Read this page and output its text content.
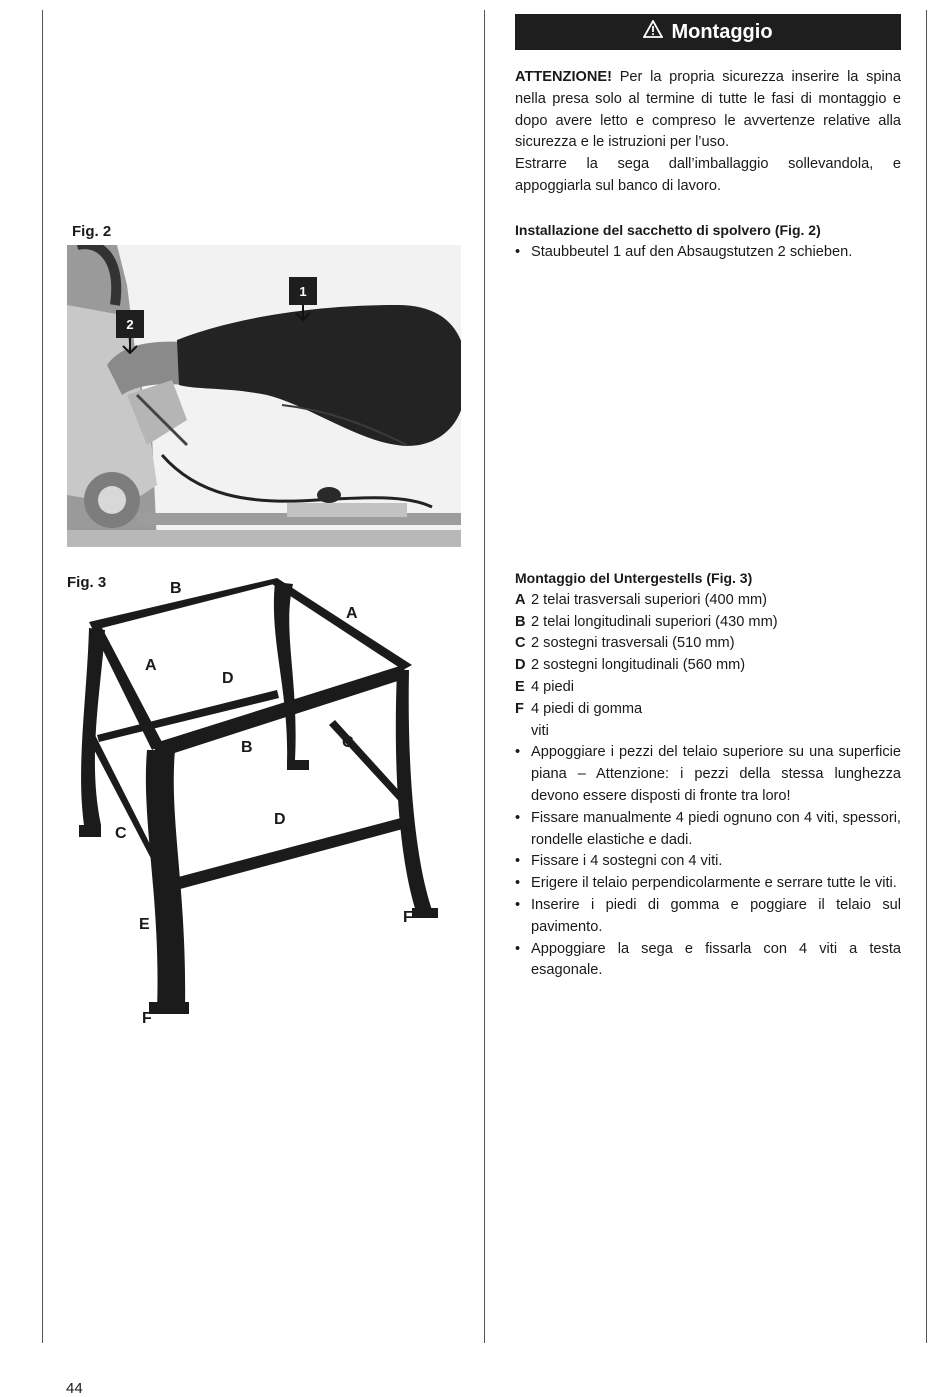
Montaggio

ATTENZIONE! Per la propria sicurezza inserire la spina nella presa solo al termine di tutte le fasi di montaggio e dopo avere letto e compreso le avvertenze relative alla sicurezza e le istruzioni per l’uso.

Estrarre la sega dall’imballaggio sollevandola, e appoggiarla sul banco di lavoro.

Installazione del sacchetto di spolvero (Fig. 2)

• Staubbeutel 1 auf den Absaugstutzen 2 schieben.
Fig. 2
1
2
Fig. 3	B
A
A
D
B	C
D
C
F
E
F

Montaggio del Untergestells (Fig. 3)

A 2 telai trasversali superiori (400 mm)
B 2 telai longitudinali superiori (430 mm)
C 2 sostegni trasversali (510 mm)
D 2 sostegni longitudinali (560 mm)
E 4 piedi
F 4 piedi di gomma

viti

• Appoggiare i pezzi del telaio superiore su una superficie piana – Attenzione: i pezzi della stessa lunghezza devono essere disposti di fronte tra loro!
• Fissare manualmente 4 piedi ognuno con 4 viti, spessori, rondelle elastiche e dadi.
• Fissare i 4 sostegni con 4 viti.
• Erigere il telaio perpendicolarmente e serrare tutte le viti.
• Inserire i piedi di gomma e poggiare il telaio sul pavimento.
• Appoggiare la sega e fissarla con 4 viti a testa esagonale.
44
